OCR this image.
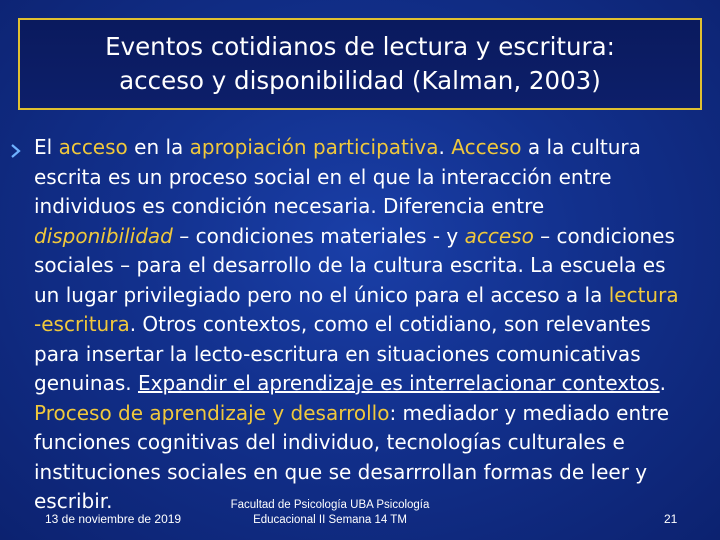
Eventos cotidianos de lectura y escritura:
acceso y disponibilidad (Kalman, 2003)
El acceso en la apropiación participativa. Acceso a la cultura
escrita es un proceso social en el que la interacción entre
individuos es condición necesaria. Diferencia entre
disponibilidad – condiciones materiales - y acceso – condiciones
sociales – para el desarrollo de la cultura escrita. La escuela es
un lugar privilegiado pero no el único para el acceso a la lectura
-escritura. Otros contextos, como el cotidiano, son relevantes
para insertar la lecto-escritura en situaciones comunicativas
genuinas. Expandir el aprendizaje es interrelacionar contextos.
Proceso de aprendizaje y desarrollo: mediador y mediado entre
funciones cognitivas del individuo, tecnologías culturales e
instituciones sociales en que se desarrrollan formas de leer y
escribir.
13 de noviembre de 2019
Facultad de Psicología UBA Psicología
Educacional II Semana 14 TM	21
